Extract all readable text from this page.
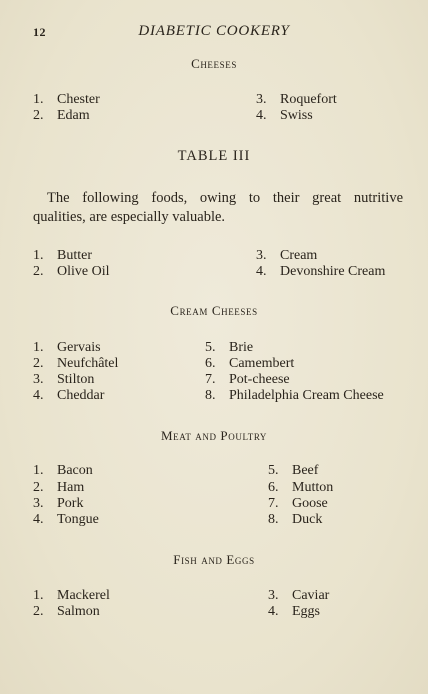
12	DIABETIC COOKERY
Cheeses
1. Chester
2. Edam
3. Roquefort
4. Swiss
TABLE III
The following foods, owing to their great nutritive
qualities, are especially valuable.
1. Butter
2. Olive Oil
3. Cream
4. Devonshire Cream
Cream Cheeses
1. Gervais
2. Neufchâtel
3. Stilton
4. Cheddar
5. Brie
6. Camembert
7. Pot-cheese
8. Philadelphia Cream Cheese
Meat and Poultry
1. Bacon
2. Ham
3. Pork
4. Tongue
5. Beef
6. Mutton
7. Goose
8. Duck
Fish and Eggs
1. Mackerel
2. Salmon
3. Caviar
4. Eggs
